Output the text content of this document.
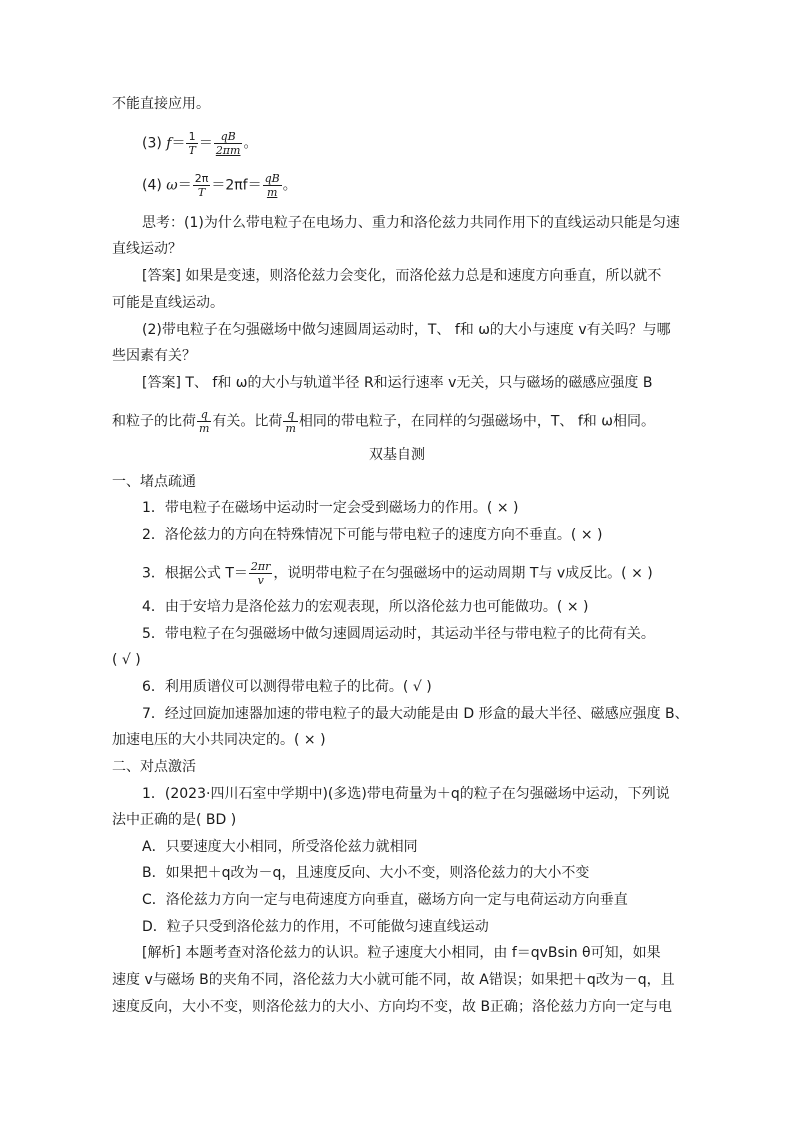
不能直接应用。
(3) $f= \frac{1}{T} = \frac{qB}{2\pi m}$ 。
(4) $\omega= \frac{2\pi}{T} =2\pi f= \frac{qB}{m}$ 。
思考：(1)为什么带电粒子在电场力、重力和洛伦兹力共同作用下的直线运动只能是匀速
直线运动？
[答案] 如果是变速，则洛伦兹力会变化，而洛伦兹力总是和速度方向垂直，所以就不
可能是直线运动。
(2)带电粒子在匀强磁场中做匀速圆周运动时，T、 f和 ω的大小与速度 v有关吗？与哪
些因素有关？
[答案] T、 f和 ω的大小与轨道半径 R和运行速率 v无关，只与磁场的磁感应强度 B
和粒子的比荷 $\frac{q}{m}$ 有关。比荷 $\frac{q}{m}$ 相同的带电粒子，在同样的匀强磁场中，T、 f和 ω相同。
双基自测
一、堵点疏通
1．带电粒子在磁场中运动时一定会受到磁场力的作用。( × )
2．洛伦兹力的方向在特殊情况下可能与带电粒子的速度方向不垂直。( × )
3．根据公式 $T= \frac{2\pi r}{v}$ ，说明带电粒子在匀强磁场中的运动周期 T与 v成反比。( × )
4．由于安培力是洛伦兹力的宏观表现，所以洛伦兹力也可能做功。( × )
5．带电粒子在匀强磁场中做匀速圆周运动时，其运动半径与带电粒子的比荷有关。
( √ )
6．利用质谱仪可以测得带电粒子的比荷。( √ )
7．经过回旋加速器加速的带电粒子的最大动能是由 D 形盒的最大半径、磁感应强度 B、
加速电压的大小共同决定的。( × )
二、对点激活
1．(2023·四川石室中学期中)(多选)带电荷量为＋q的粒子在匀强磁场中运动，下列说
法中正确的是( BD )
A．只要速度大小相同，所受洛伦兹力就相同
B．如果把＋q改为－q，且速度反向、大小不变，则洛伦兹力的大小不变
C．洛伦兹力方向一定与电荷速度方向垂直，磁场方向一定与电荷运动方向垂直
D．粒子只受到洛伦兹力的作用，不可能做匀速直线运动
[解析] 本题考查对洛伦兹力的认识。粒子速度大小相同，由 f＝qvBsin θ可知，如果
速度 v与磁场 B的夹角不同，洛伦兹力大小就可能不同，故 A错误；如果把＋q改为－q，且
速度反向，大小不变，则洛伦兹力的大小、方向均不变，故 B正确；洛伦兹力方向一定与电
